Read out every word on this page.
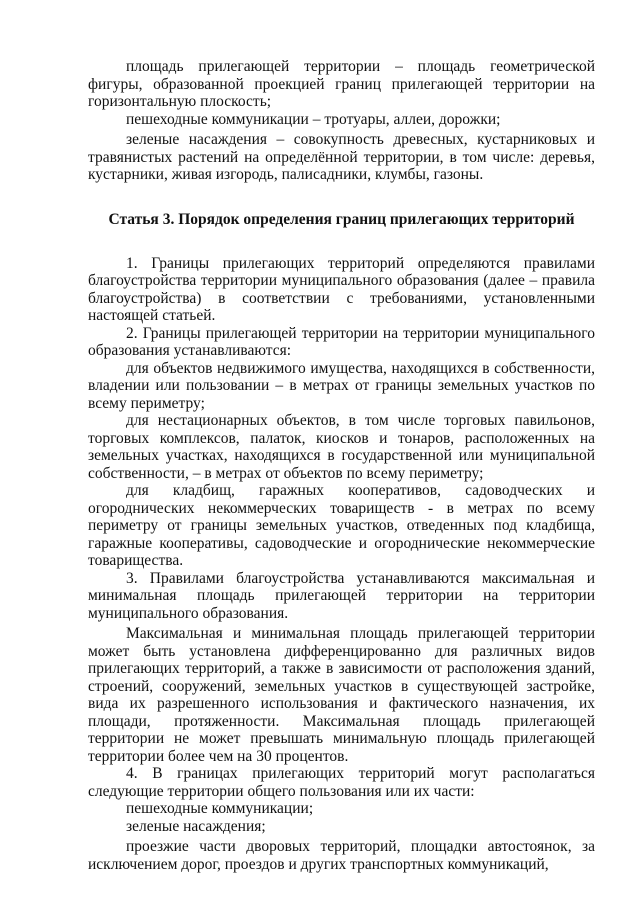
площадь прилегающей территории – площадь геометрической фигуры, образованной проекцией границ прилегающей территории на горизонтальную плоскость;

пешеходные коммуникации – тротуары, аллеи, дорожки;

зеленые насаждения – совокупность древесных, кустарниковых и травянистых растений на определённой территории, в том числе: деревья, кустарники, живая изгородь, палисадники, клумбы, газоны.

Статья 3. Порядок определения границ прилегающих территорий

1. Границы прилегающих территорий определяются правилами благоустройства территории муниципального образования (далее – правила благоустройства) в соответствии с требованиями, установленными настоящей статьей.

2. Границы прилегающей территории на территории муниципального образования устанавливаются:

для объектов недвижимого имущества, находящихся в собственности, владении или пользовании – в метрах от границы земельных участков по всему периметру;

для нестационарных объектов, в том числе торговых павильонов, торговых комплексов, палаток, киосков и тонаров, расположенных на земельных участках, находящихся в государственной или муниципальной собственности, – в метрах от объектов по всему периметру;

для кладбищ, гаражных кооперативов, садоводческих и огороднических некоммерческих товариществ - в метрах по всему периметру от границы земельных участков, отведенных под кладбища, гаражные кооперативы, садоводческие и огороднические некоммерческие товарищества.

3. Правилами благоустройства устанавливаются максимальная и минимальная площадь прилегающей территории на территории муниципального образования.

Максимальная и минимальная площадь прилегающей территории может быть установлена дифференцированно для различных видов прилегающих территорий, а также в зависимости от расположения зданий, строений, сооружений, земельных участков в существующей застройке, вида их разрешенного использования и фактического назначения, их площади, протяженности. Максимальная площадь прилегающей территории не может превышать минимальную площадь прилегающей территории более чем на 30 процентов.

4. В границах прилегающих территорий могут располагаться следующие территории общего пользования или их части:

пешеходные коммуникации;

зеленые насаждения;

проезжие части дворовых территорий, площадки автостоянок, за исключением дорог, проездов и других транспортных коммуникаций,
